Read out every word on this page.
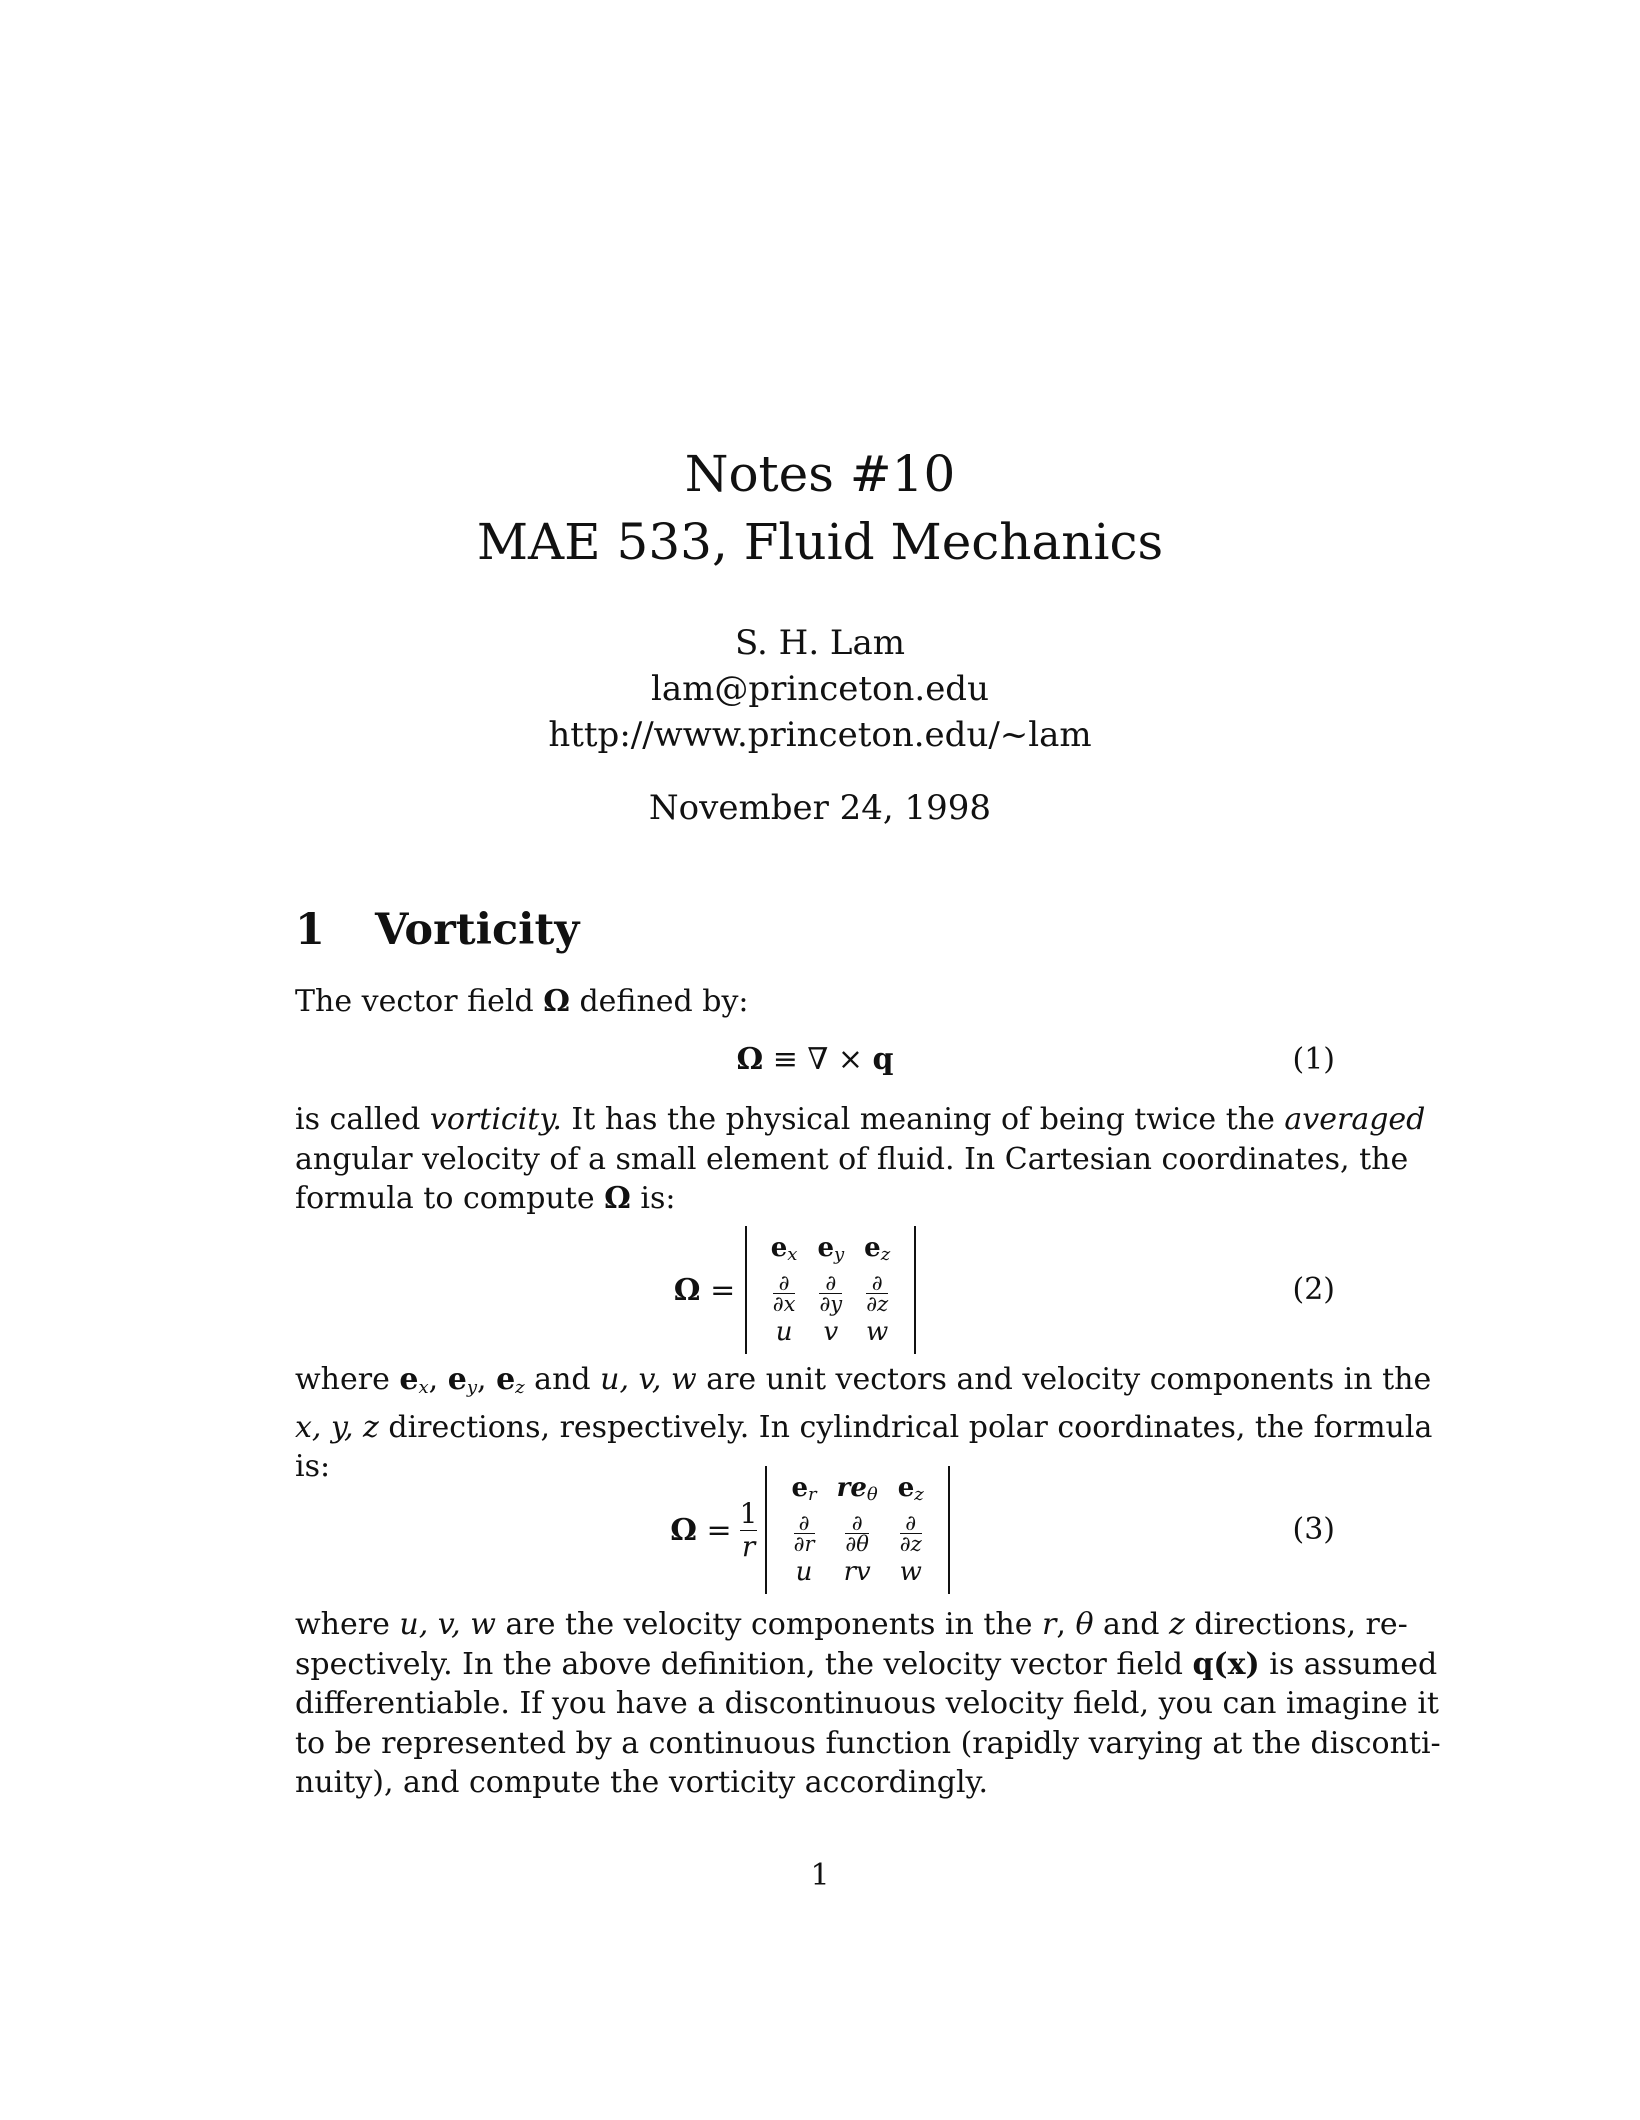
Notes #10
MAE 533, Fluid Mechanics
S. H. Lam
lam@princeton.edu
http://www.princeton.edu/~lam
November 24, 1998
1 Vorticity
The vector field Ω defined by:
Ω ≡ ∇ × q	(1)
is called vorticity. It has the physical meaning of being twice the averaged
angular velocity of a small element of fluid. In Cartesian coordinates, the
formula to compute Ω is:
Ω
=

$e_x$	$e_y$	$e_z$

$\frac{\partial}{\partial x}$	$\frac{\partial}{\partial y}$	$\frac{\partial}{\partial z}$

u	v	w
(2)
where $e_x$, $e_y$, $e_z$ and u, v, w are unit vectors and velocity components in the
x, y, z directions, respectively. In cylindrical polar coordinates, the formula
is:
Ω
= 1
r
$e_r$	$re_\theta$	$e_z$

$\frac{\partial}{\partial r}$	$\frac{\partial}{\partial\theta}$	$\frac{\partial}{\partial z}$

u	rv	w
(3)
where u, v, w are the velocity components in the r, θ and z directions, re-
spectively. In the above definition, the velocity vector field q(x) is assumed
differentiable. If you have a discontinuous velocity field, you can imagine it
to be represented by a continuous function (rapidly varying at the disconti-
nuity), and compute the vorticity accordingly.
1
